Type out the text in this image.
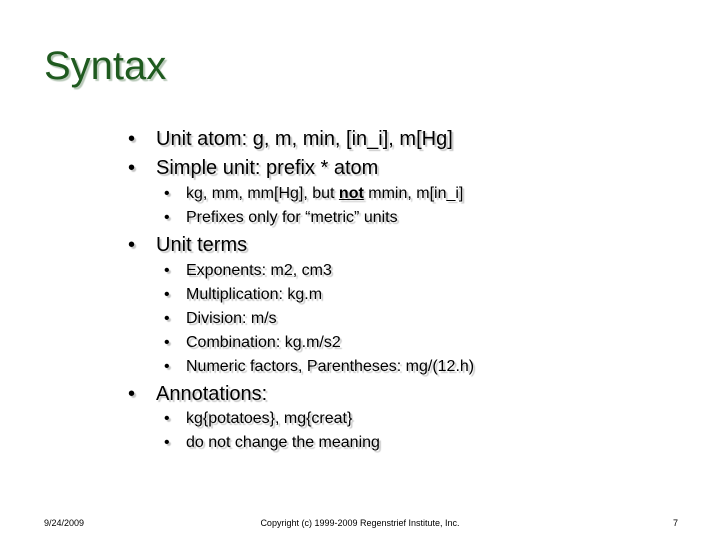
Syntax
• Unit atom: g, m, min, [in_i], m[Hg]
• Simple unit: prefix * atom
• kg, mm, mm[Hg], but not mmin, m[in_i]
• Prefixes only for “metric” units
• Unit terms
• Exponents: m2, cm3
• Multiplication: kg.m
• Division: m/s
• Combination: kg.m/s2
• Numeric factors, Parentheses: mg/(12.h)
• Annotations:
• kg{potatoes}, mg{creat}
• do not change the meaning
9/24/2009	Copyright (c) 1999-2009 Regenstrief Institute, Inc.	7
